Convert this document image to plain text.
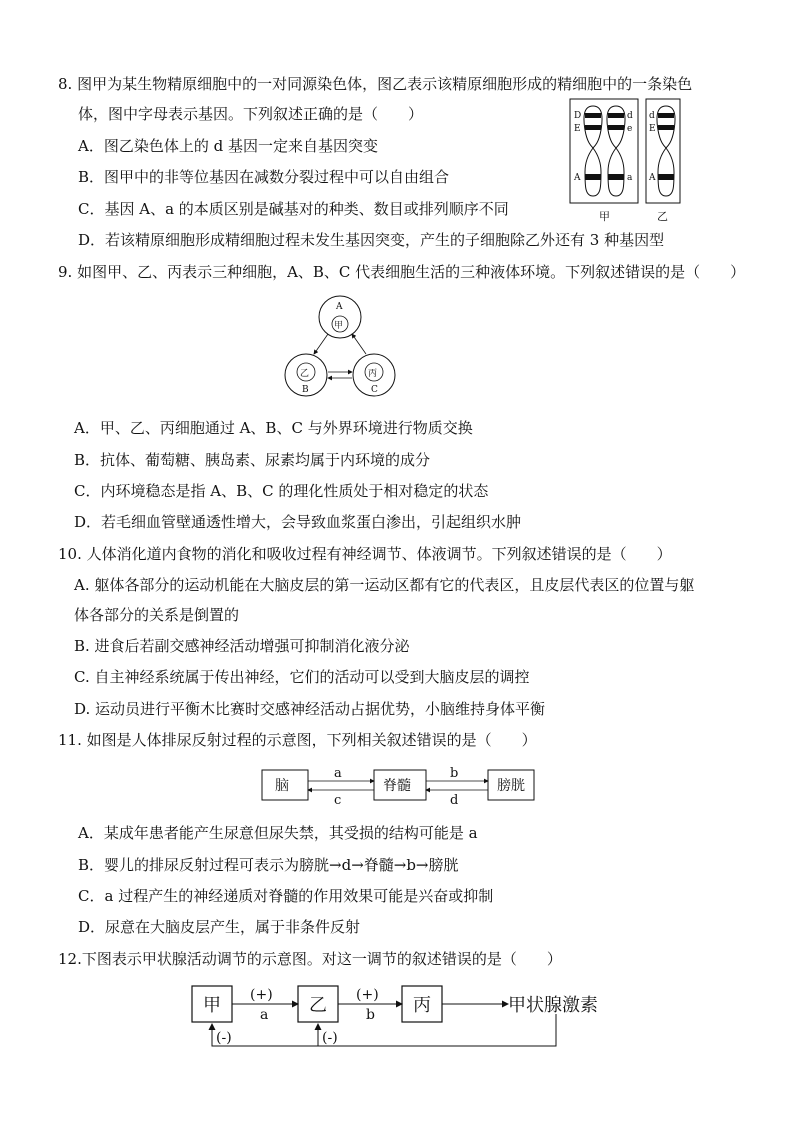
8. 图甲为某生物精原细胞中的一对同源染色体，图乙表示该精原细胞形成的精细胞中的一条染色
体，图中字母表示基因。下列叙述正确的是（　　）
A．图乙染色体上的 d 基因一定来自基因突变
B．图甲中的非等位基因在减数分裂过程中可以自由组合
C．基因 A、a 的本质区别是碱基对的种类、数目或排列顺序不同
D．若该精原细胞形成精细胞过程未发生基因突变，产生的子细胞除乙外还有 3 种基因型
D
E
A
d
e
a
d
E
A
甲	乙
9. 如图甲、乙、丙表示三种细胞，A、B、C 代表细胞生活的三种液体环境。下列叙述错误的是（　　）
A
甲
乙
B
丙
C
A．甲、乙、丙细胞通过 A、B、C 与外界环境进行物质交换
B．抗体、葡萄糖、胰岛素、尿素均属于内环境的成分
C．内环境稳态是指 A、B、C 的理化性质处于相对稳定的状态
D．若毛细血管壁通透性增大，会导致血浆蛋白渗出，引起组织水肿
10. 人体消化道内食物的消化和吸收过程有神经调节、体液调节。下列叙述错误的是（　　）
A. 躯体各部分的运动机能在大脑皮层的第一运动区都有它的代表区，且皮层代表区的位置与躯
体各部分的关系是倒置的
B. 进食后若副交感神经活动增强可抑制消化液分泌
C. 自主神经系统属于传出神经，它们的活动可以受到大脑皮层的调控
D. 运动员进行平衡木比赛时交感神经活动占据优势，小脑维持身体平衡
11. 如图是人体排尿反射过程的示意图，下列相关叙述错误的是（　　）
脑	脊髓	膀胱
a
c
b
d
A．某成年患者能产生尿意但尿失禁，其受损的结构可能是 a
B．婴儿的排尿反射过程可表示为膀胱→d→脊髓→b→膀胱
C．a 过程产生的神经递质对脊髓的作用效果可能是兴奋或抑制
D．尿意在大脑皮层产生，属于非条件反射
12.下图表示甲状腺活动调节的示意图。对这一调节的叙述错误的是（　　）
甲	乙	丙
(+)
a
(+)
b	甲状腺激素
(-)	(-)
